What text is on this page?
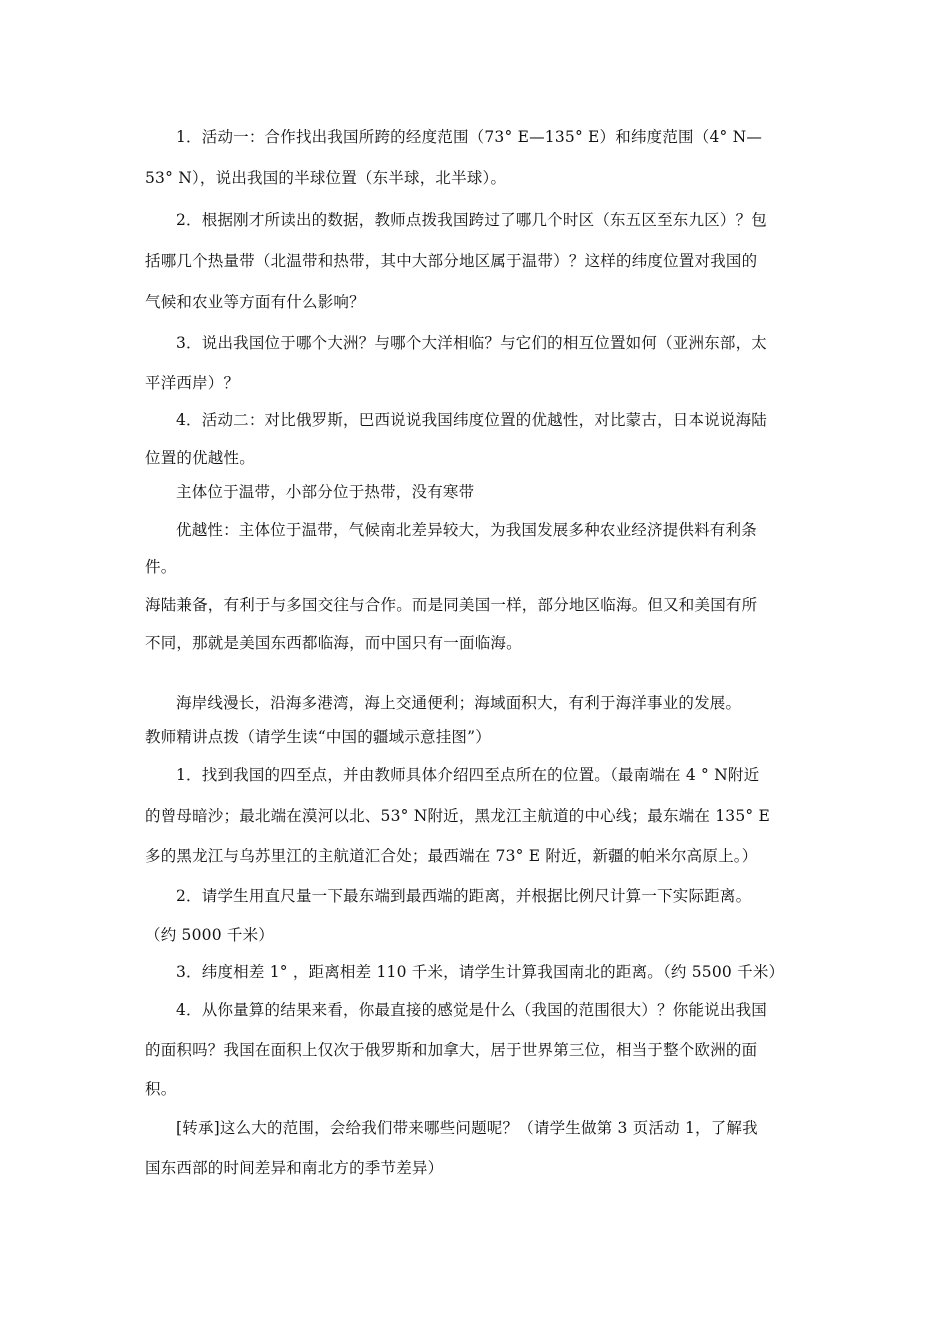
1．活动一：合作找出我国所跨的经度范围（73° E—135° E）和纬度范围（4° N—
53° N），说出我国的半球位置（东半球，北半球）。
2．根据刚才所读出的数据，教师点拨我国跨过了哪几个时区（东五区至东九区）？包
括哪几个热量带（北温带和热带，其中大部分地区属于温带）？这样的纬度位置对我国的
气候和农业等方面有什么影响？
3．说出我国位于哪个大洲？与哪个大洋相临？与它们的相互位置如何（亚洲东部，太
平洋西岸）？
4．活动二：对比俄罗斯，巴西说说我国纬度位置的优越性，对比蒙古，日本说说海陆
位置的优越性。
主体位于温带，小部分位于热带，没有寒带
优越性：主体位于温带，气候南北差异较大，为我国发展多种农业经济提供料有利条
件。
海陆兼备，有利于与多国交往与合作。而是同美国一样，部分地区临海。但又和美国有所
不同，那就是美国东西都临海，而中国只有一面临海。
海岸线漫长，沿海多港湾，海上交通便利；海域面积大，有利于海洋事业的发展。
教师精讲点拨（请学生读“中国的疆域示意挂图”）
1．找到我国的四至点，并由教师具体介绍四至点所在的位置。（最南端在 4 ° N附近
的曾母暗沙；最北端在漠河以北、53° N附近，黑龙江主航道的中心线；最东端在 135° E
多的黑龙江与乌苏里江的主航道汇合处；最西端在 73° E 附近，新疆的帕米尔高原上。）
2．请学生用直尺量一下最东端到最西端的距离，并根据比例尺计算一下实际距离。
（约 5000 千米）
3．纬度相差 1° ，距离相差 110 千米，请学生计算我国南北的距离。（约 5500 千米）
4．从你量算的结果来看，你最直接的感觉是什么（我国的范围很大）？你能说出我国
的面积吗？我国在面积上仅次于俄罗斯和加拿大，居于世界第三位，相当于整个欧洲的面
积。
[转承]这么大的范围，会给我们带来哪些问题呢？（请学生做第 3 页活动 1，了解我
国东西部的时间差异和南北方的季节差异）
